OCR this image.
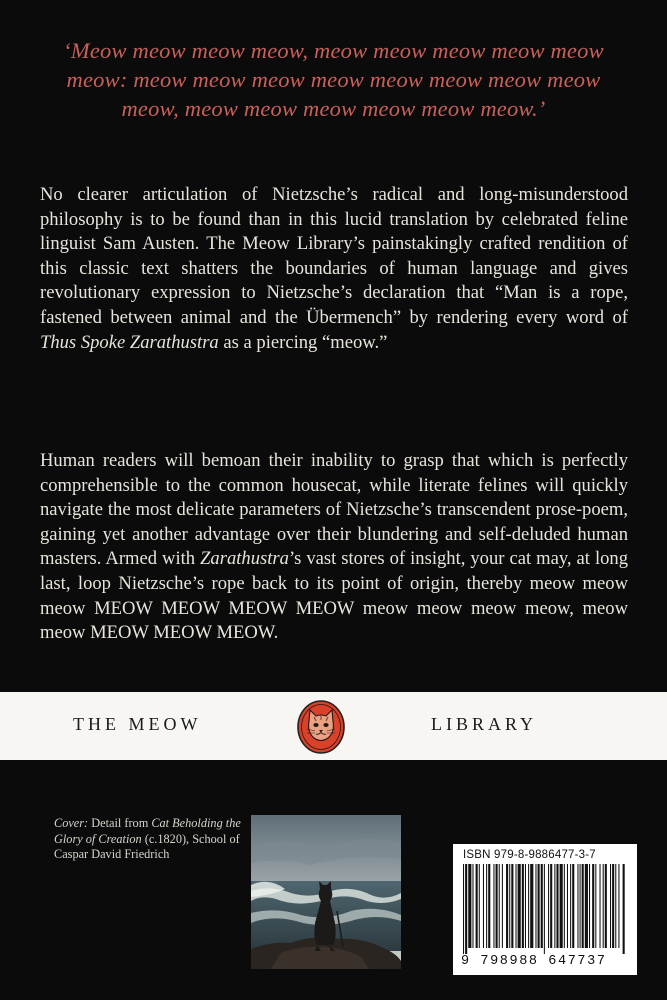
‘Meow meow meow meow, meow meow meow meow meow meow: meow meow meow meow meow meow meow meow meow, meow meow meow meow meow meow.’
No clearer articulation of Nietzsche’s radical and long-misunderstood philosophy is to be found than in this lucid translation by celebrated feline linguist Sam Austen. The Meow Library’s painstakingly crafted rendition of this classic text shatters the boundaries of human language and gives revolutionary expression to Nietzsche’s declaration that “Man is a rope, fastened between animal and the Übermench” by rendering every word of Thus Spoke Zarathustra as a piercing “meow.”
Human readers will bemoan their inability to grasp that which is perfectly comprehensible to the common housecat, while literate felines will quickly navigate the most delicate parameters of Nietzsche’s transcendent prose-poem, gaining yet another advantage over their blundering and self-deluded human masters. Armed with Zarathustra’s vast stores of insight, your cat may, at long last, loop Nietzsche’s rope back to its point of origin, thereby meow meow meow MEOW MEOW MEOW MEOW meow meow meow meow, meow meow MEOW MEOW MEOW.
THE MEOW	LIBRARY
Cover: Detail from Cat Beholding the Glory of Creation (c.1820), School of Caspar David Friedrich	ISBN 979-8-9886477-3-7
9 798988 647737
